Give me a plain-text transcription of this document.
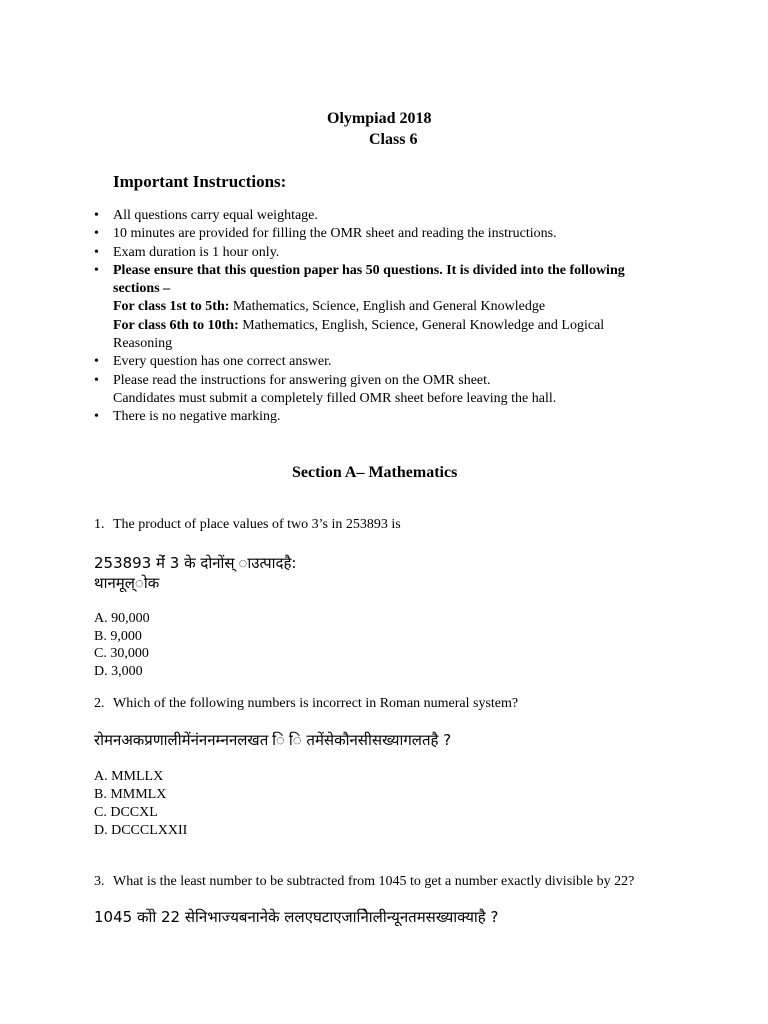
Olympiad 2018
Class 6
Important Instructions:
• All questions carry equal weightage.
• 10 minutes are provided for filling the OMR sheet and reading the instructions.
• Exam duration is 1 hour only.
• Please ensure that this question paper has 50 questions. It is divided into the following
sections –
For class 1st to 5th: Mathematics, Science, English and General Knowledge
For class 6th to 10th: Mathematics, English, Science, General Knowledge and Logical
Reasoning
• Every question has one correct answer.
• Please read the instructions for answering given on the OMR sheet.
Candidates must submit a completely filled OMR sheet before leaving the hall.
• There is no negative marking.
Section A– Mathematics
1. The product of place values of two 3’s in 253893 is
253893 मेंं 3 के दोनोंस् ाउत्पादहै:
थानमूल्ोक
A. 90,000
B. 9,000
C. 30,000
D. 3,000
2. Which of the following numbers is incorrect in Roman numeral system?
रोमनअकप्रणालीमेंनंननम्ननलखत ि ि तमेंसेकौनसीसख्यागलतहै ?
A. MMLLX
B. MMMLX
C. DCCXL
D. DCCCLXXII
3. What is the least number to be subtracted from 1045 to get a number exactly divisible by 22?
1045 कोो 22 सेनिभाज्यबनानेके ललएघटाएजानेिालीन्यूनतमसख्याक्याहै ?
